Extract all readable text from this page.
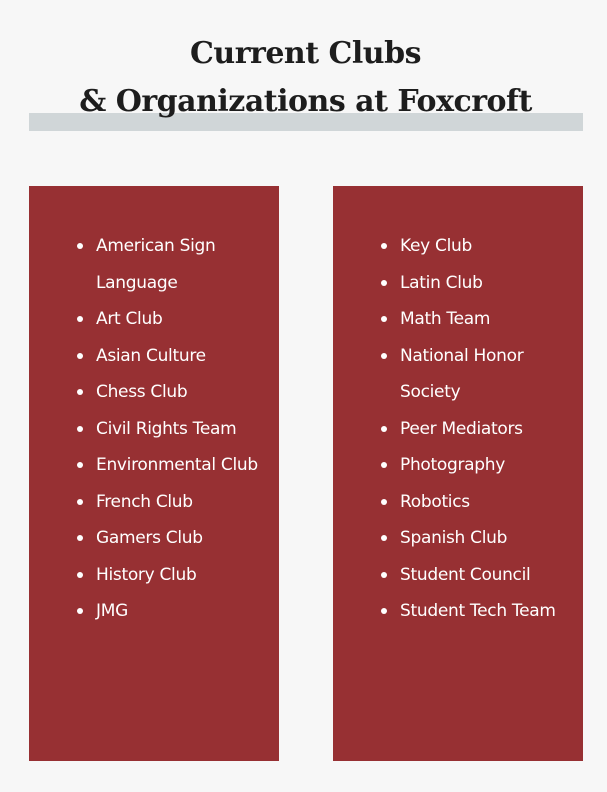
Current Clubs
& Organizations at Foxcroft
American Sign Language
Art Club
Asian Culture
Chess Club
Civil Rights Team
Environmental Club
French Club
Gamers Club
History Club
JMG
Key Club
Latin Club
Math Team
National Honor Society
Peer Mediators
Photography
Robotics
Spanish Club
Student Council
Student Tech Team
